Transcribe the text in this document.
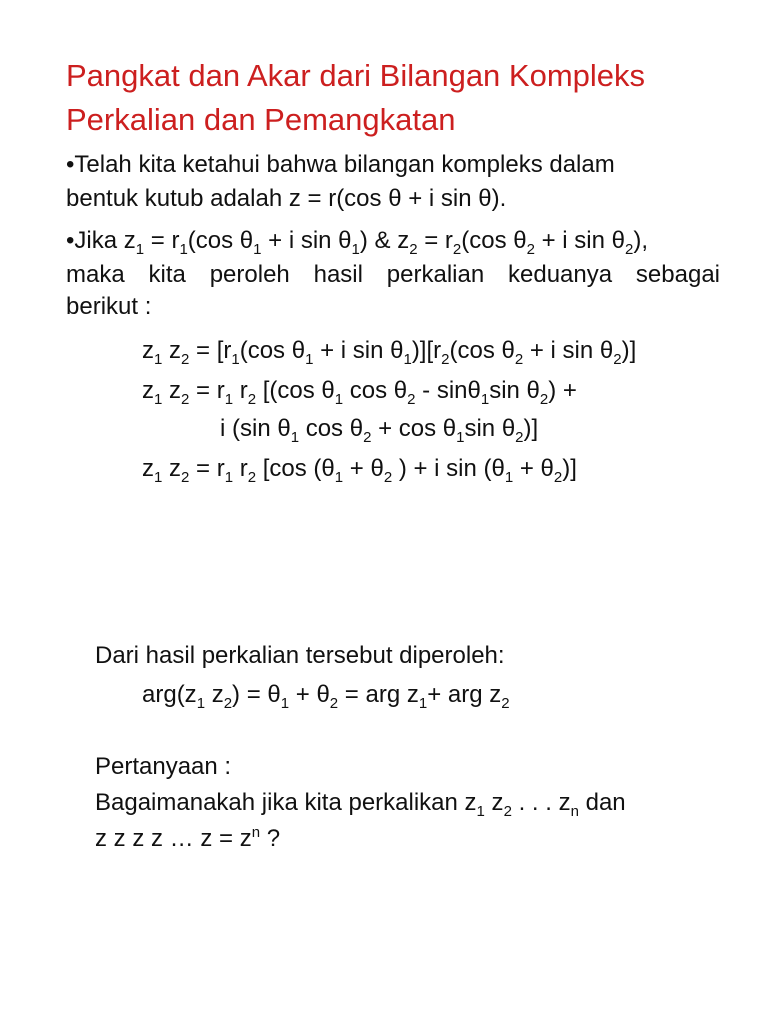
Pangkat dan Akar dari Bilangan Kompleks
Perkalian dan Pemangkatan
•Telah kita ketahui bahwa bilangan kompleks dalam
bentuk kutub adalah z = r(cos θ + i sin θ).
•Jika $z_1 = r_1(\cos$ $\theta_1 + i$ $\sin \theta_1$) & $z_2 = r_2(\cos$ $\theta_2 + i$ $\sin \theta_2$),
maka kita peroleh hasil perkalian keduanya sebagai
berikut :
$z_1$ $z_2 = [r_1(\cos$ $\theta_1 + i$ $\sin \theta_1)][r_2(\cos$ $\theta_2 + i$ $\sin \theta_2$)]
$z_1$ $z_2 = r_1$ $r_2$ [(cos $\theta_1$ $\cos \theta_2 - \sin\theta_1\sin$ $\theta_2$) +
i (sin $\theta_1$ $\cos \theta_2 + \cos \theta_1\sin$ $\theta_2$)]
$z_1$ $z_2 = r_1$ $r_2$ [cos ($\theta_1 + \theta_2$ ) + i $\sin (\theta_1 + \theta_2)$]
Dari hasil perkalian tersebut diperoleh:
$arg(z_1$ $z_2) = \theta_1 + \theta_2$ = arg $z_1+$ arg $z_2$
Pertanyaan :
Bagaimanakah jika kita perkalikan $z_1$ $z_2$ . . . $z_n$ dan
z z z z … $z = z^n$ ?
